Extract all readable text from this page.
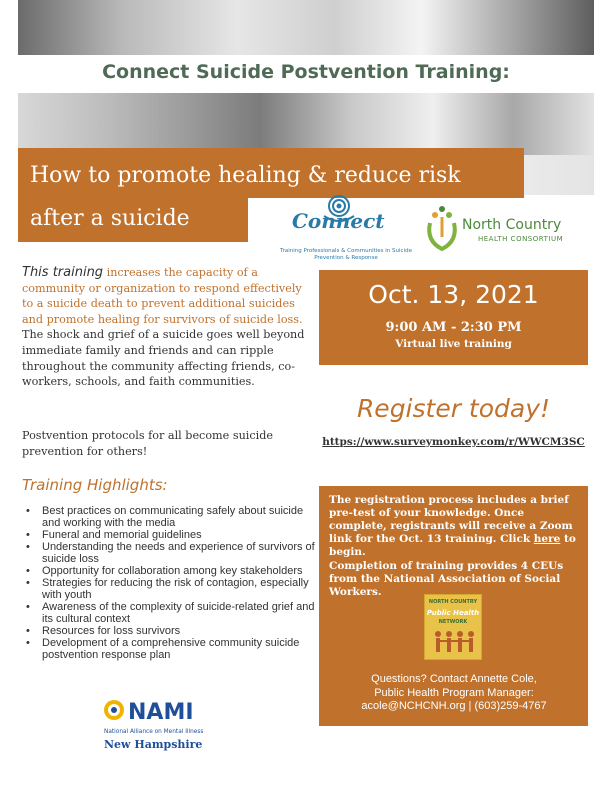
Connect Suicide Postvention Training:
How to promote healing & reduce risk
after a suicide	Connect
Training Professionals & Communities in Suicide Prevention & Response
North Country
HEALTH CONSORTIUM
This training increases the capacity of a community or organization to respond effectively to a suicide death to prevent additional suicides and promote healing for survivors of suicide loss. The shock and grief of a suicide goes well beyond immediate family and friends and can ripple throughout the community affecting friends, co-workers, schools, and faith communities.
Postvention protocols for all become suicide prevention for others!
Training Highlights:
• Best practices on communicating safely about suicide and working with the media
• Funeral and memorial guidelines
• Understanding the needs and experience of survivors of suicide loss
• Opportunity for collaboration among key stakeholders
• Strategies for reducing the risk of contagion, especially with youth
• Awareness of the complexity of suicide-related grief and its cultural context
• Resources for loss survivors
• Development of a comprehensive community suicide postvention response plan
NAMI
National Alliance on Mental Illness
New Hampshire
Oct. 13, 2021
9:00 AM - 2:30 PM
Virtual live training
Register today!
https://www.surveymonkey.com/r/WWCM3SC
The registration process includes a brief pre-test of your knowledge. Once complete, registrants will receive a Zoom link for the Oct. 13 training. Click here to begin.
Completion of training provides 4 CEUs from the National Association of Social Workers.
NORTH COUNTRY
Public Health
NETWORK
Questions? Contact Annette Cole,
Public Health Program Manager:
acole@NCHCNH.org | (603)259-4767
